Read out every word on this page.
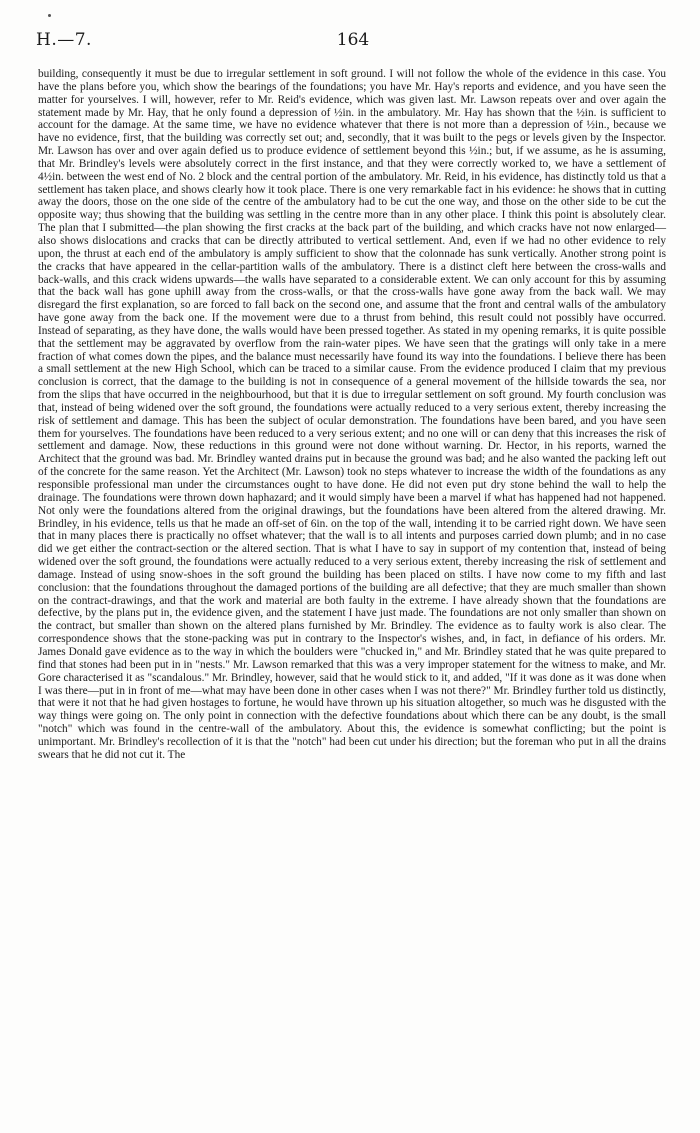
H.—7.	164

building, consequently it must be due to irregular settlement in soft ground. I will not follow the whole of the evidence in this case. You have the plans before you, which show the bearings of the foundations; you have Mr. Hay's reports and evidence, and you have seen the matter for yourselves. I will, however, refer to Mr. Reid's evidence, which was given last. Mr. Lawson repeats over and over again the statement made by Mr. Hay, that he only found a depression of ½in. in the ambulatory. Mr. Hay has shown that the ½in. is sufficient to account for the damage. At the same time, we have no evidence whatever that there is not more than a depression of ½in., because we have no evidence, first, that the building was correctly set out; and, secondly, that it was built to the pegs or levels given by the Inspector. Mr. Lawson has over and over again defied us to produce evidence of settlement beyond this ½in.; but, if we assume, as he is assuming, that Mr. Brindley's levels were absolutely correct in the first instance, and that they were correctly worked to, we have a settlement of 4½in. between the west end of No. 2 block and the central portion of the ambulatory. Mr. Reid, in his evidence, has distinctly told us that a settlement has taken place, and shows clearly how it took place. There is one very remarkable fact in his evidence: he shows that in cutting away the doors, those on the one side of the centre of the ambulatory had to be cut the one way, and those on the other side to be cut the opposite way; thus showing that the building was settling in the centre more than in any other place. I think this point is absolutely clear. The plan that I submitted—the plan showing the first cracks at the back part of the building, and which cracks have not now enlarged—also shows dislocations and cracks that can be directly attributed to vertical settlement. And, even if we had no other evidence to rely upon, the thrust at each end of the ambulatory is amply sufficient to show that the colonnade has sunk vertically. Another strong point is the cracks that have appeared in the cellar-partition walls of the ambulatory. There is a distinct cleft here between the cross-walls and back-walls, and this crack widens upwards—the walls have separated to a considerable extent. We can only account for this by assuming that the back wall has gone uphill away from the cross-walls, or that the cross-walls have gone away from the back wall. We may disregard the first explanation, so are forced to fall back on the second one, and assume that the front and central walls of the ambulatory have gone away from the back one. If the movement were due to a thrust from behind, this result could not possibly have occurred. Instead of separating, as they have done, the walls would have been pressed together. As stated in my opening remarks, it is quite possible that the settlement may be aggravated by overflow from the rain-water pipes. We have seen that the gratings will only take in a mere fraction of what comes down the pipes, and the balance must necessarily have found its way into the foundations. I believe there has been a small settlement at the new High School, which can be traced to a similar cause. From the evidence produced I claim that my previous conclusion is correct, that the damage to the building is not in consequence of a general movement of the hillside towards the sea, nor from the slips that have occurred in the neighbourhood, but that it is due to irregular settlement on soft ground. My fourth conclusion was that, instead of being widened over the soft ground, the foundations were actually reduced to a very serious extent, thereby increasing the risk of settlement and damage. This has been the subject of ocular demonstration. The foundations have been bared, and you have seen them for yourselves. The foundations have been reduced to a very serious extent; and no one will or can deny that this increases the risk of settlement and damage. Now, these reductions in this ground were not done without warning. Dr. Hector, in his reports, warned the Architect that the ground was bad. Mr. Brindley wanted drains put in because the ground was bad; and he also wanted the packing left out of the concrete for the same reason. Yet the Architect (Mr. Lawson) took no steps whatever to increase the width of the foundations as any responsible professional man under the circumstances ought to have done. He did not even put dry stone behind the wall to help the drainage. The foundations were thrown down haphazard; and it would simply have been a marvel if what has happened had not happened. Not only were the foundations altered from the original drawings, but the foundations have been altered from the altered drawing. Mr. Brindley, in his evidence, tells us that he made an off-set of 6in. on the top of the wall, intending it to be carried right down. We have seen that in many places there is practically no offset whatever; that the wall is to all intents and purposes carried down plumb; and in no case did we get either the contract-section or the altered section. That is what I have to say in support of my contention that, instead of being widened over the soft ground, the foundations were actually reduced to a very serious extent, thereby increasing the risk of settlement and damage. Instead of using snow-shoes in the soft ground the building has been placed on stilts. I have now come to my fifth and last conclusion: that the foundations throughout the damaged portions of the building are all defective; that they are much smaller than shown on the contract-drawings, and that the work and material are both faulty in the extreme. I have already shown that the foundations are defective, by the plans put in, the evidence given, and the statement I have just made. The foundations are not only smaller than shown on the contract, but smaller than shown on the altered plans furnished by Mr. Brindley. The evidence as to faulty work is also clear. The correspondence shows that the stone-packing was put in contrary to the Inspector's wishes, and, in fact, in defiance of his orders. Mr. James Donald gave evidence as to the way in which the boulders were "chucked in," and Mr. Brindley stated that he was quite prepared to find that stones had been put in in "nests." Mr. Lawson remarked that this was a very improper statement for the witness to make, and Mr. Gore characterised it as "scandalous." Mr. Brindley, however, said that he would stick to it, and added, "If it was done as it was done when I was there—put in in front of me—what may have been done in other cases when I was not there?" Mr. Brindley further told us distinctly, that were it not that he had given hostages to fortune, he would have thrown up his situation altogether, so much was he disgusted with the way things were going on. The only point in connection with the defective foundations about which there can be any doubt, is the small "notch" which was found in the centre-wall of the ambulatory. About this, the evidence is somewhat conflicting; but the point is unimportant. Mr. Brindley's recollection of it is that the "notch" had been cut under his direction; but the foreman who put in all the drains swears that he did not cut it. The
